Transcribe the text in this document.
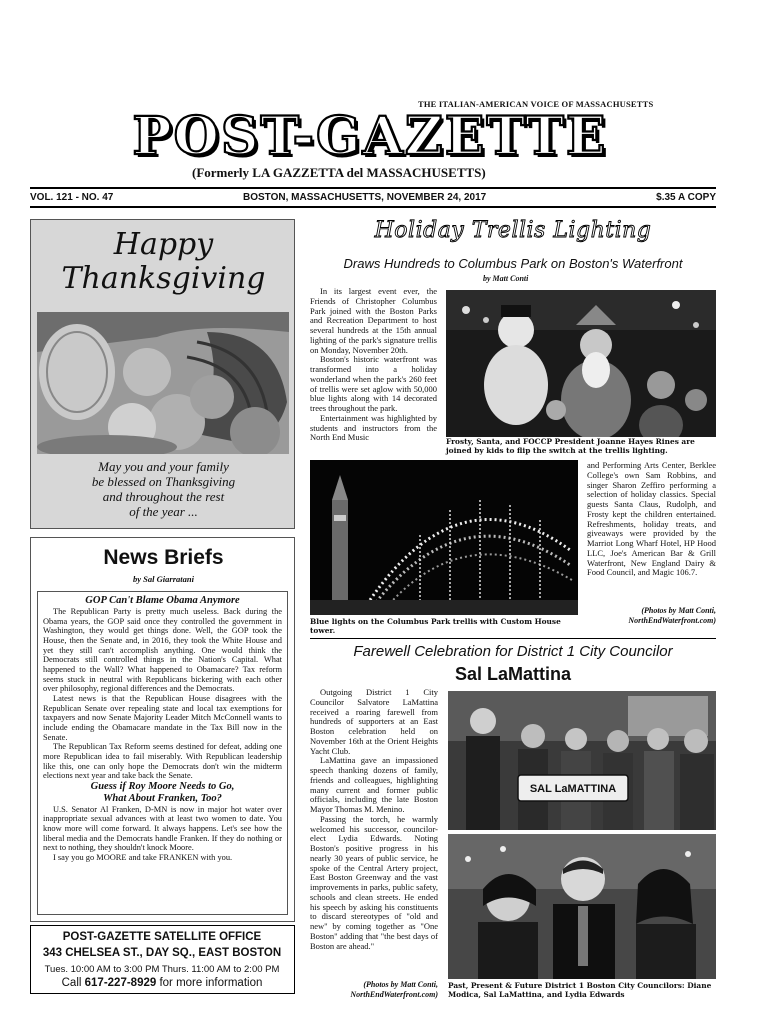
THE ITALIAN-AMERICAN VOICE OF MASSACHUSETTS
POST-GAZETTE
(Formerly LA GAZZETTA del MASSACHUSETTS)
VOL. 121 - NO. 47	BOSTON, MASSACHUSETTS, NOVEMBER 24, 2017	$.35 A COPY
Happy
Thanksgiving
May you and your family
be blessed on Thanksgiving
and throughout the rest
of the year ...
News Briefs
by Sal Giarratani
GOP Can't Blame Obama Anymore

The Republican Party is pretty much useless. Back during the Obama years, the GOP said once they controlled the government in Washington, they would get things done. Well, the GOP took the House, then the Senate and, in 2016, they took the White House and yet they still can't accomplish anything. One would think the Democrats still controlled things in the Nation's Capital. What happened to the Wall? What happened to Obamacare? Tax reform seems stuck in neutral with Republicans bickering with each other over philosophy, regional differences and the Democrats.

Latest news is that the Republican House disagrees with the Republican Senate over repealing state and local tax exemptions for taxpayers and now Senate Majority Leader Mitch McConnell wants to include ending the Obamacare mandate in the Tax Bill now in the Senate.

The Republican Tax Reform seems destined for defeat, adding one more Republican idea to fail miserably. With Republican leadership like this, one can only hope the Democrats don't win the midterm elections next year and take back the Senate.

Guess if Roy Moore Needs to Go,
What About Franken, Too?

U.S. Senator Al Franken, D-MN is now in major hot water over inappropriate sexual advances with at least two women to date. You know more will come forward. It always happens. Let's see how the liberal media and the Democrats handle Franken. If they do nothing or next to nothing, they shouldn't knock Moore.

I say you go MOORE and take FRANKEN with you.

POST-GAZETTE SATELLITE OFFICE
343 CHELSEA ST., DAY SQ., EAST BOSTON
Tues. 10:00 AM to 3:00 PM Thurs. 11:00 AM to 2:00 PM
Call 617-227-8929 for more information
Holiday Trellis Lighting
Draws Hundreds to Columbus Park on Boston's Waterfront
by Matt Conti

In its largest event ever, the Friends of Christopher Columbus Park joined with the Boston Parks and Recreation Department to host several hundreds at the 15th annual lighting of the park's signature trellis on Monday, November 20th.

Boston's historic waterfront was transformed into a holiday wonderland when the park's 260 feet of trellis were set aglow with 50,000 blue lights along with 14 decorated trees throughout the park.

Entertainment was highlighted by students and instructors from the North End Music	Frosty, Santa, and FOCCP President Joanne Hayes Rines are joined by kids to flip the switch at the trellis lighting.
Blue lights on the Columbus Park trellis with Custom House tower.

and Performing Arts Center, Berklee College's own Sam Robbins, and singer Sharon Zeffiro performing a selection of holiday classics. Special guests Santa Claus, Rudolph, and Frosty kept the children entertained. Refreshments, holiday treats, and giveaways were provided by the Marriot Long Wharf Hotel, HP Hood LLC, Joe's American Bar & Grill Waterfront, New England Dairy & Food Council, and Magic 106.7.

(Photos by Matt Conti,
NorthEndWaterfront.com)
Farewell Celebration for District 1 City Councilor
Sal LaMattina

Outgoing District 1 City Councilor Salvatore LaMattina received a roaring farewell from hundreds of supporters at an East Boston celebration held on November 16th at the Orient Heights Yacht Club.

LaMattina gave an impassioned speech thanking dozens of family, friends and colleagues, highlighting many current and former public officials, including the late Boston Mayor Thomas M. Menino.

Passing the torch, he warmly welcomed his successor, councilor-elect Lydia Edwards. Noting Boston's positive progress in his nearly 30 years of public service, he spoke of the Central Artery project, East Boston Greenway and the vast improvements in parks, public safety, schools and clean streets. He ended his speech by asking his constituents to discard stereotypes of "old and new" by coming together as "One Boston" adding that "the best days of Boston are ahead."

(Photos by Matt Conti,
NorthEndWaterfront.com)
SAL LaMATTINA
Past, Present & Future District 1 Boston City Councilors: Diane Modica, Sal LaMattina, and Lydia Edwards
